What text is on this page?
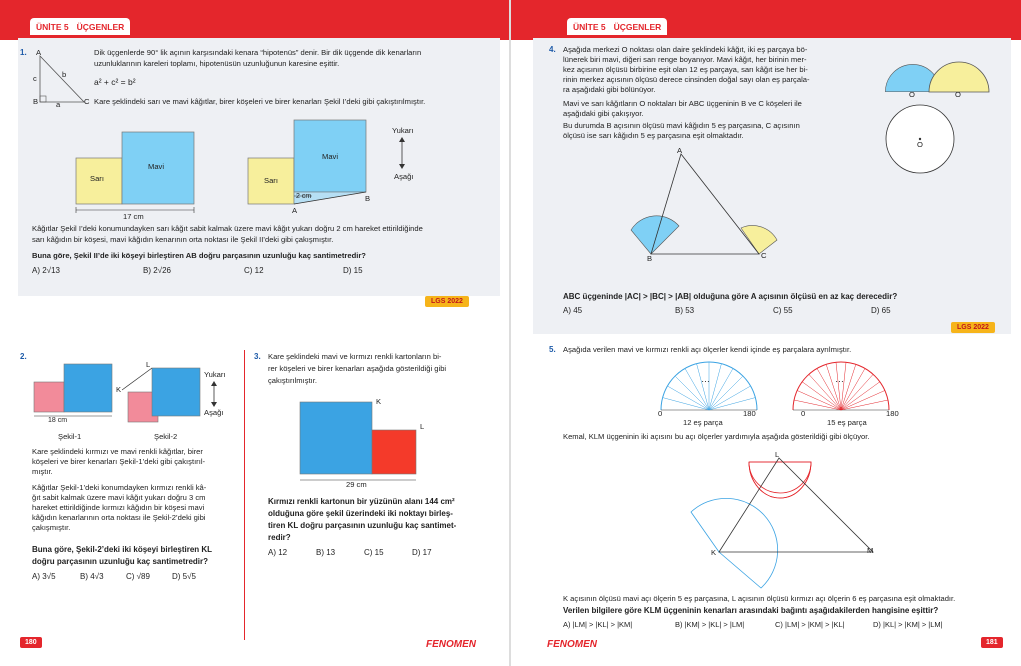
ÜNİTE 5 ÜÇGENLER
1. A
B	C
c	b
a
Dik üçgenlerde 90° lik açının karşısındaki kenara “hipotenüs” denir. Bir dik üçgende dik kenarların
uzunluklarının kareleri toplamı, hipotenüsün uzunluğunun karesine eşittir.
a² + c² = b²
Kare şeklindeki sarı ve mavi kâğıtlar, birer köşeleri ve birer kenarları Şekil I’deki gibi çakıştırılmıştır.
Sarı
Mavi
17 cm
Sarı
Mavi
2 cm
A
B
Yukarı
Aşağı
Kâğıtlar Şekil I’deki konumundayken sarı kâğıt sabit kalmak üzere mavi kâğıt yukarı doğru 2 cm hareket ettirildiğinde
sarı kâğıdın bir köşesi, mavi kâğıdın kenarının orta noktası ile Şekil II’deki gibi çakışmıştır.
Buna göre, Şekil II’de iki köşeyi birleştiren AB doğru parçasının uzunluğu kaç santimetredir?
A) 2√13	B) 2√26	C) 12	D) 15
LGS 2022
2.
18 cm
K
L
Yukarı
Aşağı
Şekil-1	Şekil-2
Kare şeklindeki kırmızı ve mavi renkli kâğıtlar, birer
köşeleri ve birer kenarları Şekil-1’deki gibi çakıştırıl-
mıştır.
Kâğıtlar Şekil-1’deki konumdayken kırmızı renkli kâ-
ğıt sabit kalmak üzere mavi kâğıt yukarı doğru 3 cm
hareket ettirildiğinde kırmızı kâğıdın bir köşesi mavi
kâğıdın kenarlarının orta noktası ile Şekil-2’deki gibi
çakışmıştır.
Buna göre, Şekil-2’deki iki köşeyi birleştiren KL
doğru parçasının uzunluğu kaç santimetredir?
A) 3√5	B) 4√3	C) √89	D) 5√5
3. Kare şeklindeki mavi ve kırmızı renkli kartonların bi-
rer köşeleri ve birer kenarları aşağıda gösterildiği gibi
çakıştırılmıştır.
K
L
29 cm
Kırmızı renkli kartonun bir yüzünün alanı 144 cm²
olduğuna göre şekil üzerindeki iki noktayı birleş-
tiren KL doğru parçasının uzunluğu kaç santimet-
redir?
A) 12	B) 13	C) 15	D) 17
180	FENOMEN
ÜNİTE 5 ÜÇGENLER
4. Aşağıda merkezi O noktası olan daire şeklindeki kâğıt, iki eş parçaya bö-
lünerek biri mavi, diğeri sarı renge boyanıyor. Mavi kâğıt, her birinin mer-
kez açısının ölçüsü birbirine eşit olan 12 eş parçaya, sarı kâğıt ise her bi-
rinin merkez açısının ölçüsü derece cinsinden doğal sayı olan eş parçala-
ra aşağıdaki gibi bölünüyor.
Mavi ve sarı kâğıtların O noktaları bir ABC üçgeninin B ve C köşeleri ile
aşağıdaki gibi çakışıyor.
Bu durumda B açısının ölçüsü mavi kâğıdın 5 eş parçasına, C açısının
ölçüsü ise sarı kâğıdın 5 eş parçasına eşit olmaktadır.
O	O
O
A
B	C
ABC üçgeninde |AC| > |BC| > |AB| olduğuna göre A açısının ölçüsü en az kaç derecedir?
A) 45	B) 53	C) 55	D) 65
LGS 2022
5. Aşağıda verilen mavi ve kırmızı renkli açı ölçerler kendi içinde eş parçalara ayrılmıştır.
…	…
0	180	0	180
12 eş parça	15 eş parça
Kemal, KLM üçgeninin iki açısını bu açı ölçerler yardımıyla aşağıda gösterildiği gibi ölçüyor.
L
K	M
K açısının ölçüsü mavi açı ölçerin 5 eş parçasına, L açısının ölçüsü kırmızı açı ölçerin 6 eş parçasına eşit olmaktadır.
Verilen bilgilere göre KLM üçgeninin kenarları arasındaki bağıntı aşağıdakilerden hangisine eşittir?
A) |LM| > |KL| > |KM|	B) |KM| > |KL| > |LM|	C) |LM| > |KM| > |KL|	D) |KL| > |KM| > |LM|
FENOMEN	181
